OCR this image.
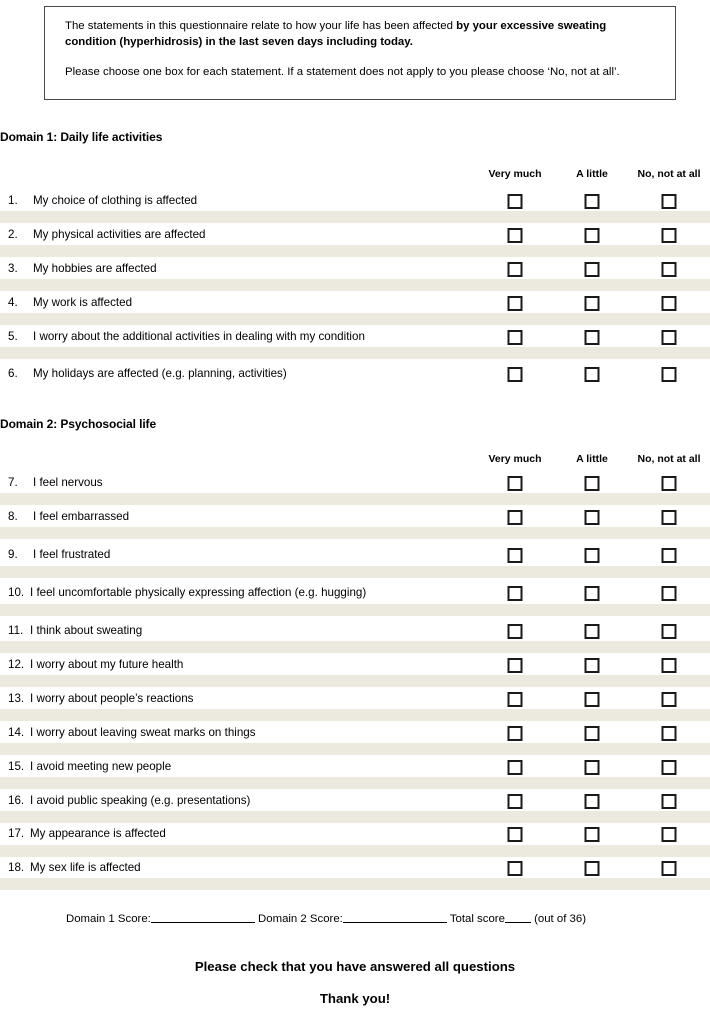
The statements in this questionnaire relate to how your life has been affected by your excessive sweating condition (hyperhidrosis) in the last seven days including today.

Please choose one box for each statement. If a statement does not apply to you please choose ‘No, not at all’.

Domain 1: Daily life activities
Very much	A little	No, not at all
1. My choice of clothing is affected
2. My physical activities are affected
3. My hobbies are affected
4. My work is affected
5. I worry about the additional activities in dealing with my condition
6. My holidays are affected (e.g. planning, activities)
Domain 2: Psychosocial life
Very much	A little	No, not at all
7. I feel nervous
8. I feel embarrassed
9. I feel frustrated
10. I feel uncomfortable physically expressing affection (e.g. hugging)
11. I think about sweating
12. I worry about my future health
13. I worry about people’s reactions
14. I worry about leaving sweat marks on things
15. I avoid meeting new people
16. I avoid public speaking (e.g. presentations)
17. My appearance is affected
18. My sex life is affected
Domain 1 Score:	Domain 2 Score:	Total score	(out of 36)
Please check that you have answered all questions
Thank you!
